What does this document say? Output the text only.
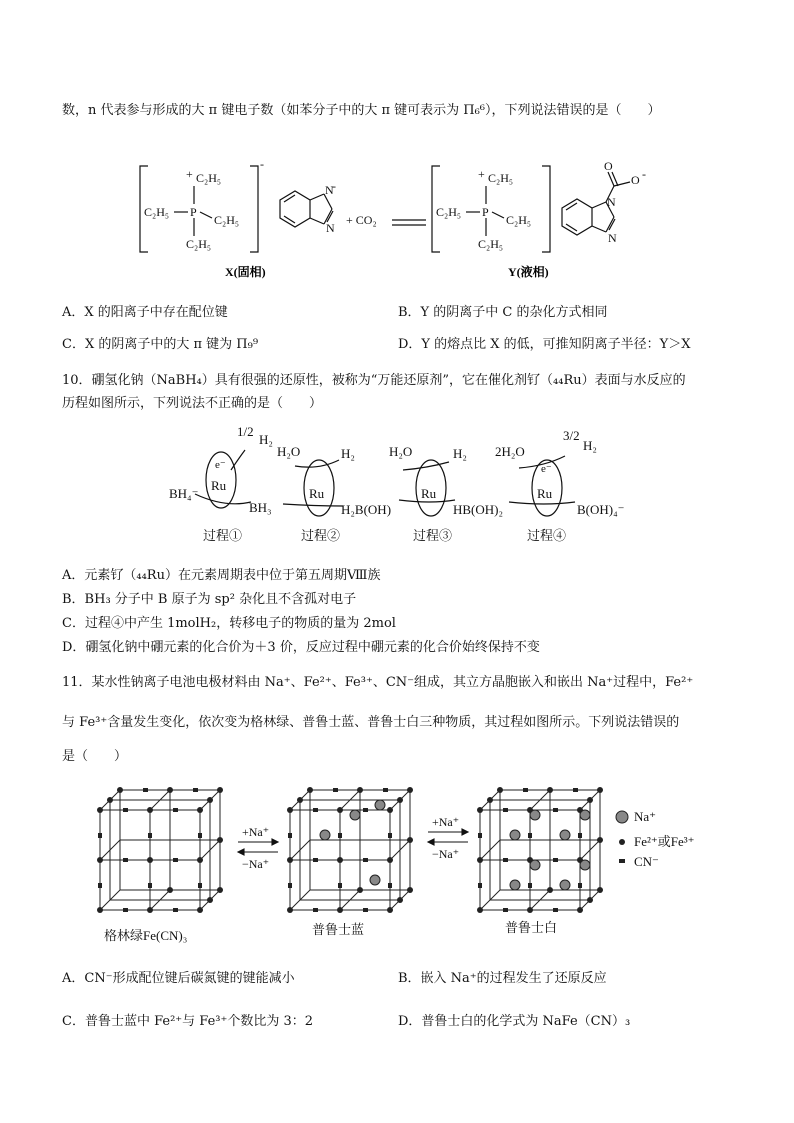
数，n 代表参与形成的大 π 键电子数（如苯分子中的大 π 键可表示为 Π₆⁶），下列说法错误的是（　　）
+ C₂H₅
P
C₂H₅
C₂H₅
C₂H₅
-
N
-
N
+ CO₂
+ C₂H₅
P
C₂H₅
C₂H₅
C₂H₅
N
N
O
O -
X(固相)	Y(液相)
A．X 的阳离子中存在配位键	B．Y 的阴离子中 C 的杂化方式相同
C．X 的阴离子中的大 π 键为 Π₉⁹	D．Y 的熔点比 X 的低，可推知阴离子半径：Y＞X
10．硼氢化钠（NaBH₄）具有很强的还原性，被称为“万能还原剂”，它在催化剂钌（₄₄Ru）表面与水反应的
历程如图所示，下列说法不正确的是（　　）
BH₄⁻
BH₃	H₂B(OH)	HB(OH)₂	B(OH)₄⁻
Ru
Ru	Ru	Ru
e⁻	e⁻
1/2
H₂
H₂O	H₂	H₂O	H₂ 2H₂O
3/2
H₂
过程①	过程②	过程③	过程④
A．元素钌（₄₄Ru）在元素周期表中位于第五周期Ⅷ族
B．BH₃ 分子中 B 原子为 sp² 杂化且不含孤对电子
C．过程④中产生 1molH₂，转移电子的物质的量为 2mol
D．硼氢化钠中硼元素的化合价为＋3 价，反应过程中硼元素的化合价始终保持不变
11．某水性钠离子电池电极材料由 Na⁺、Fe²⁺、Fe³⁺、CN⁻组成，其立方晶胞嵌入和嵌出 Na⁺过程中，Fe²⁺
与 Fe³⁺含量发生变化，依次变为格林绿、普鲁士蓝、普鲁士白三种物质，其过程如图所示。下列说法错误的
是（　　）
+Na⁺
−Na⁺
+Na⁺
−Na⁺
Na⁺
Fe²⁺或Fe³⁺
CN⁻
格林绿Fe(CN)₃	普鲁士蓝	普鲁士白
A．CN⁻形成配位键后碳氮键的键能减小	B．嵌入 Na⁺的过程发生了还原反应
C．普鲁士蓝中 Fe²⁺与 Fe³⁺个数比为 3：2	D．普鲁士白的化学式为 NaFe（CN）₃
